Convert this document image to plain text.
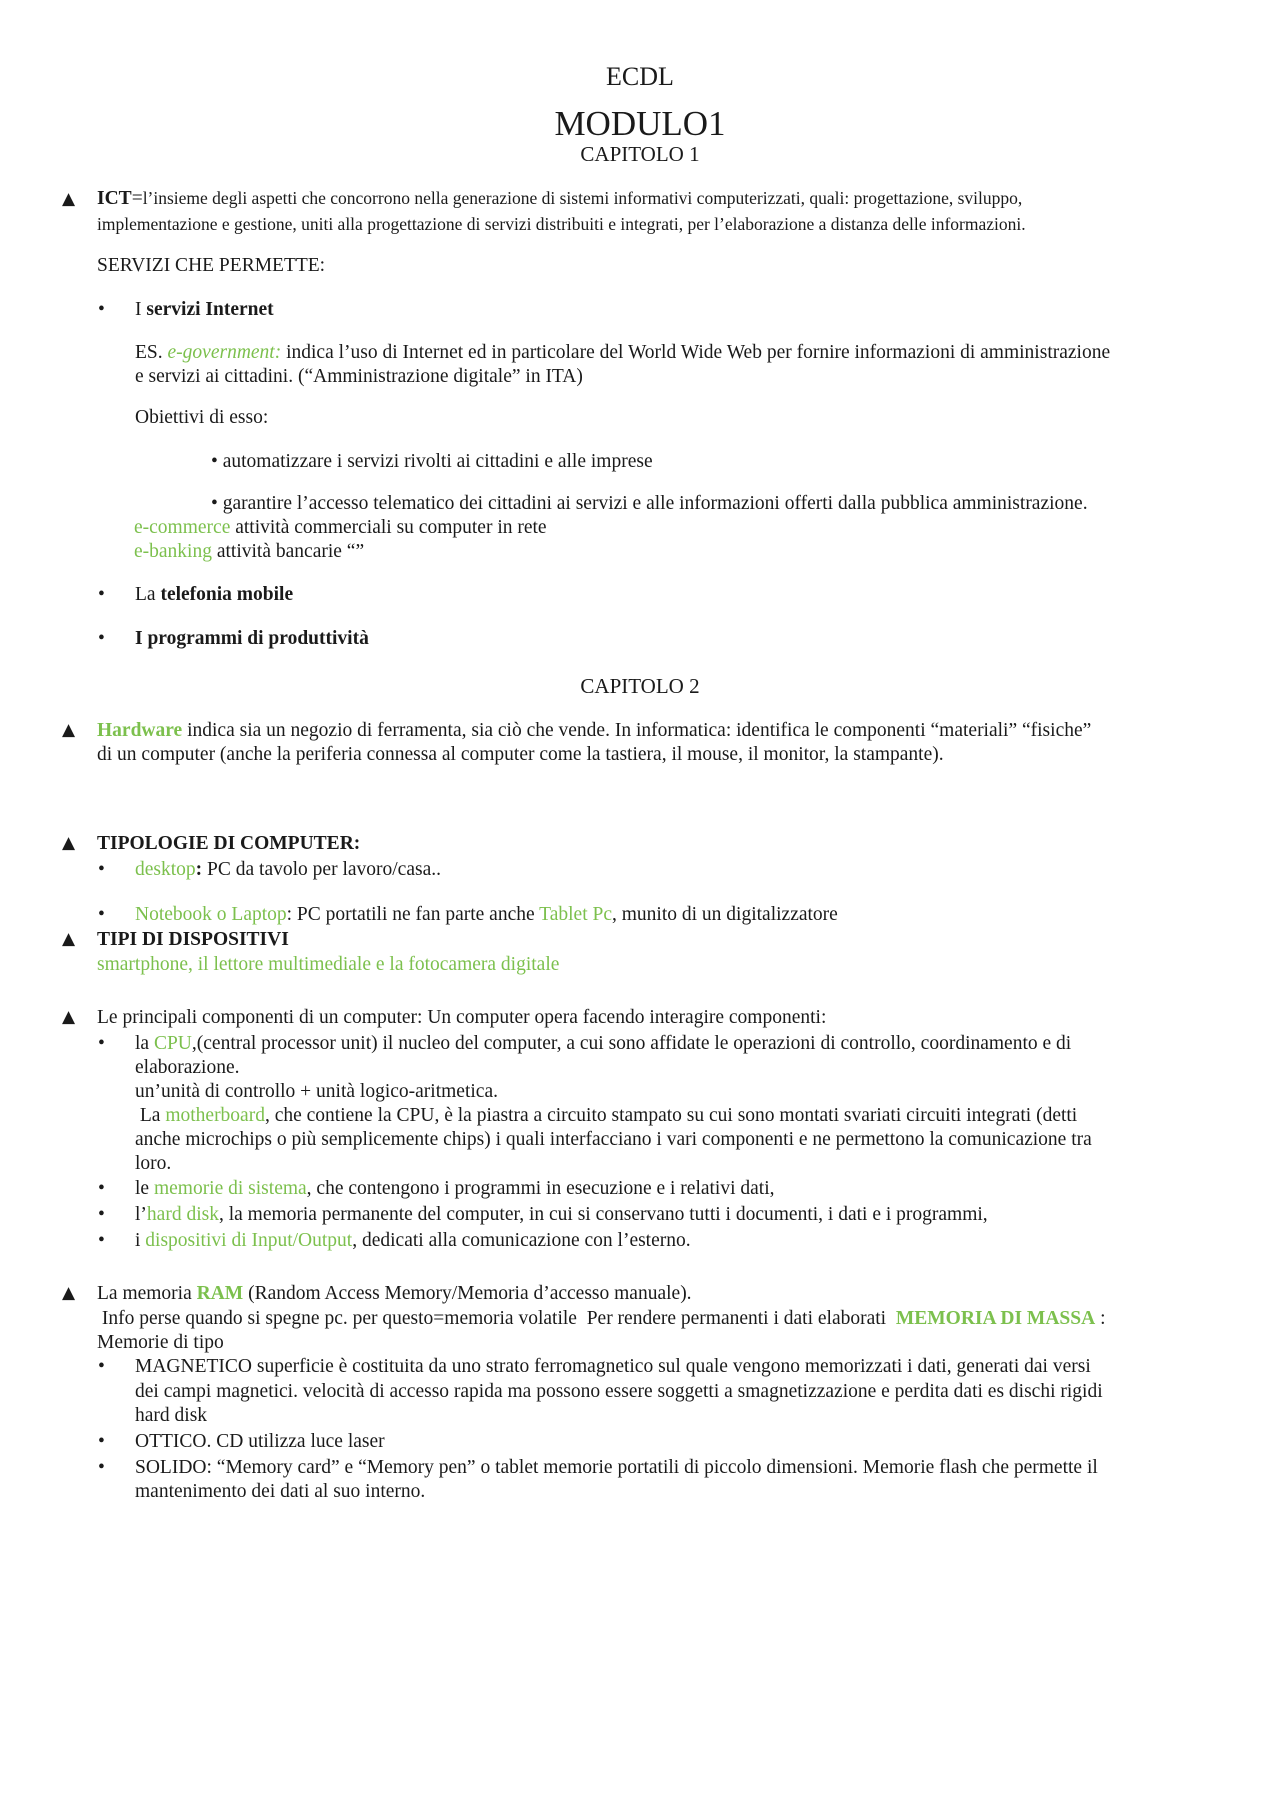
ECDL
MODULO1
CAPITOLO 1
▲ ICT=l’insieme degli aspetti che concorrono nella generazione di sistemi informativi computerizzati, quali: progettazione, sviluppo,
implementazione e gestione, uniti alla progettazione di servizi distribuiti e integrati, per l’elaborazione a distanza delle informazioni.
SERVIZI CHE PERMETTE:
• I servizi Internet
ES. e-government: indica l’uso di Internet ed in particolare del World Wide Web per fornire informazioni di amministrazione
e servizi ai cittadini. (“Amministrazione digitale” in ITA)
Obiettivi di esso:
• automatizzare i servizi rivolti ai cittadini e alle imprese
• garantire l’accesso telematico dei cittadini ai servizi e alle informazioni offerti dalla pubblica amministrazione.
e-commerce attività commerciali su computer in rete
e-banking attività bancarie “”
• La telefonia mobile
• I programmi di produttività
CAPITOLO 2
▲ Hardware indica sia un negozio di ferramenta, sia ciò che vende. In informatica: identifica le componenti “materiali” “fisiche”
di un computer (anche la periferia connessa al computer come la tastiera, il mouse, il monitor, la stampante).
▲ TIPOLOGIE DI COMPUTER:
• desktop: PC da tavolo per lavoro/casa..
• Notebook o Laptop: PC portatili ne fan parte anche Tablet Pc, munito di un digitalizzatore
▲ TIPI DI DISPOSITIVI
smartphone, il lettore multimediale e la fotocamera digitale
▲ Le principali componenti di un computer: Un computer opera facendo interagire componenti:
• la CPU,(central processor unit) il nucleo del computer, a cui sono affidate le operazioni di controllo, coordinamento e di
elaborazione.
un’unità di controllo + unità logico-aritmetica.
La motherboard, che contiene la CPU, è la piastra a circuito stampato su cui sono montati svariati circuiti integrati (detti
anche microchips o più semplicemente chips) i quali interfacciano i vari componenti e ne permettono la comunicazione tra
loro.
• le memorie di sistema, che contengono i programmi in esecuzione e i relativi dati,
• l’hard disk, la memoria permanente del computer, in cui si conservano tutti i documenti, i dati e i programmi,
• i dispositivi di Input/Output, dedicati alla comunicazione con l’esterno.
▲ La memoria RAM (Random Access Memory/Memoria d’accesso manuale).
Info perse quando si spegne pc. per questo=memoria volatile  Per rendere permanenti i dati elaborati  MEMORIA DI MASSA :
Memorie di tipo
• MAGNETICO superficie è costituita da uno strato ferromagnetico sul quale vengono memorizzati i dati, generati dai versi
dei campi magnetici. velocità di accesso rapida ma possono essere soggetti a smagnetizzazione e perdita dati es dischi rigidi
hard disk
• OTTICO. CD utilizza luce laser
• SOLIDO: “Memory card” e “Memory pen” o tablet memorie portatili di piccolo dimensioni. Memorie flash che permette il
mantenimento dei dati al suo interno.
